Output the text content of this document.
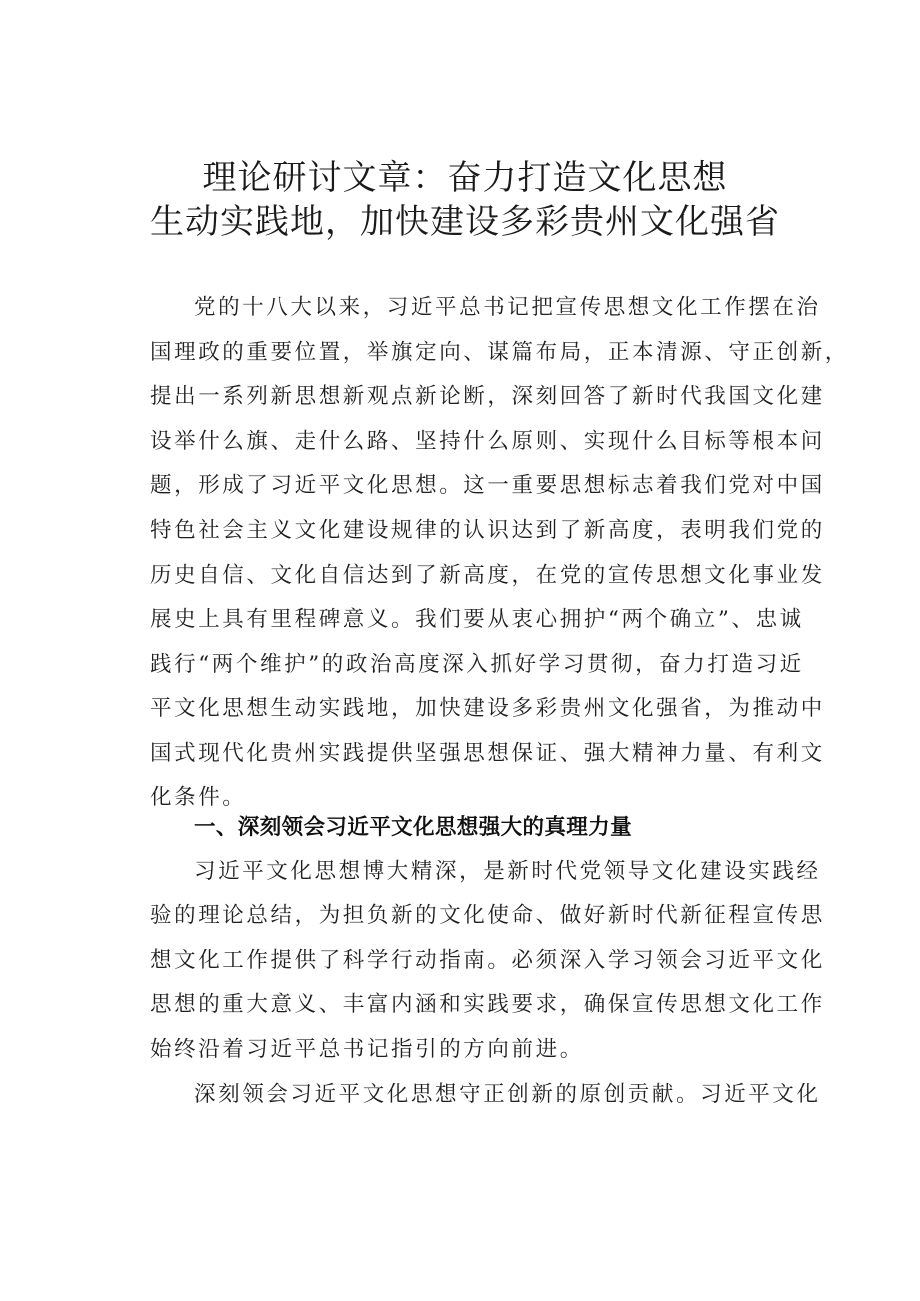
理论研讨文章：奋力打造文化思想
生动实践地，加快建设多彩贵州文化强省
党的十八大以来，习近平总书记把宣传思想文化工作摆在治
国理政的重要位置，举旗定向、谋篇布局，正本清源、守正创新，
提出一系列新思想新观点新论断，深刻回答了新时代我国文化建
设举什么旗、走什么路、坚持什么原则、实现什么目标等根本问
题，形成了习近平文化思想。这一重要思想标志着我们党对中国
特色社会主义文化建设规律的认识达到了新高度，表明我们党的
历史自信、文化自信达到了新高度，在党的宣传思想文化事业发
展史上具有里程碑意义。我们要从衷心拥护“两个确立”、忠诚
践行“两个维护”的政治高度深入抓好学习贯彻，奋力打造习近
平文化思想生动实践地，加快建设多彩贵州文化强省，为推动中
国式现代化贵州实践提供坚强思想保证、强大精神力量、有利文
化条件。
一、深刻领会习近平文化思想强大的真理力量
习近平文化思想博大精深，是新时代党领导文化建设实践经
验的理论总结，为担负新的文化使命、做好新时代新征程宣传思
想文化工作提供了科学行动指南。必须深入学习领会习近平文化
思想的重大意义、丰富内涵和实践要求，确保宣传思想文化工作
始终沿着习近平总书记指引的方向前进。
深刻领会习近平文化思想守正创新的原创贡献。习近平文化
